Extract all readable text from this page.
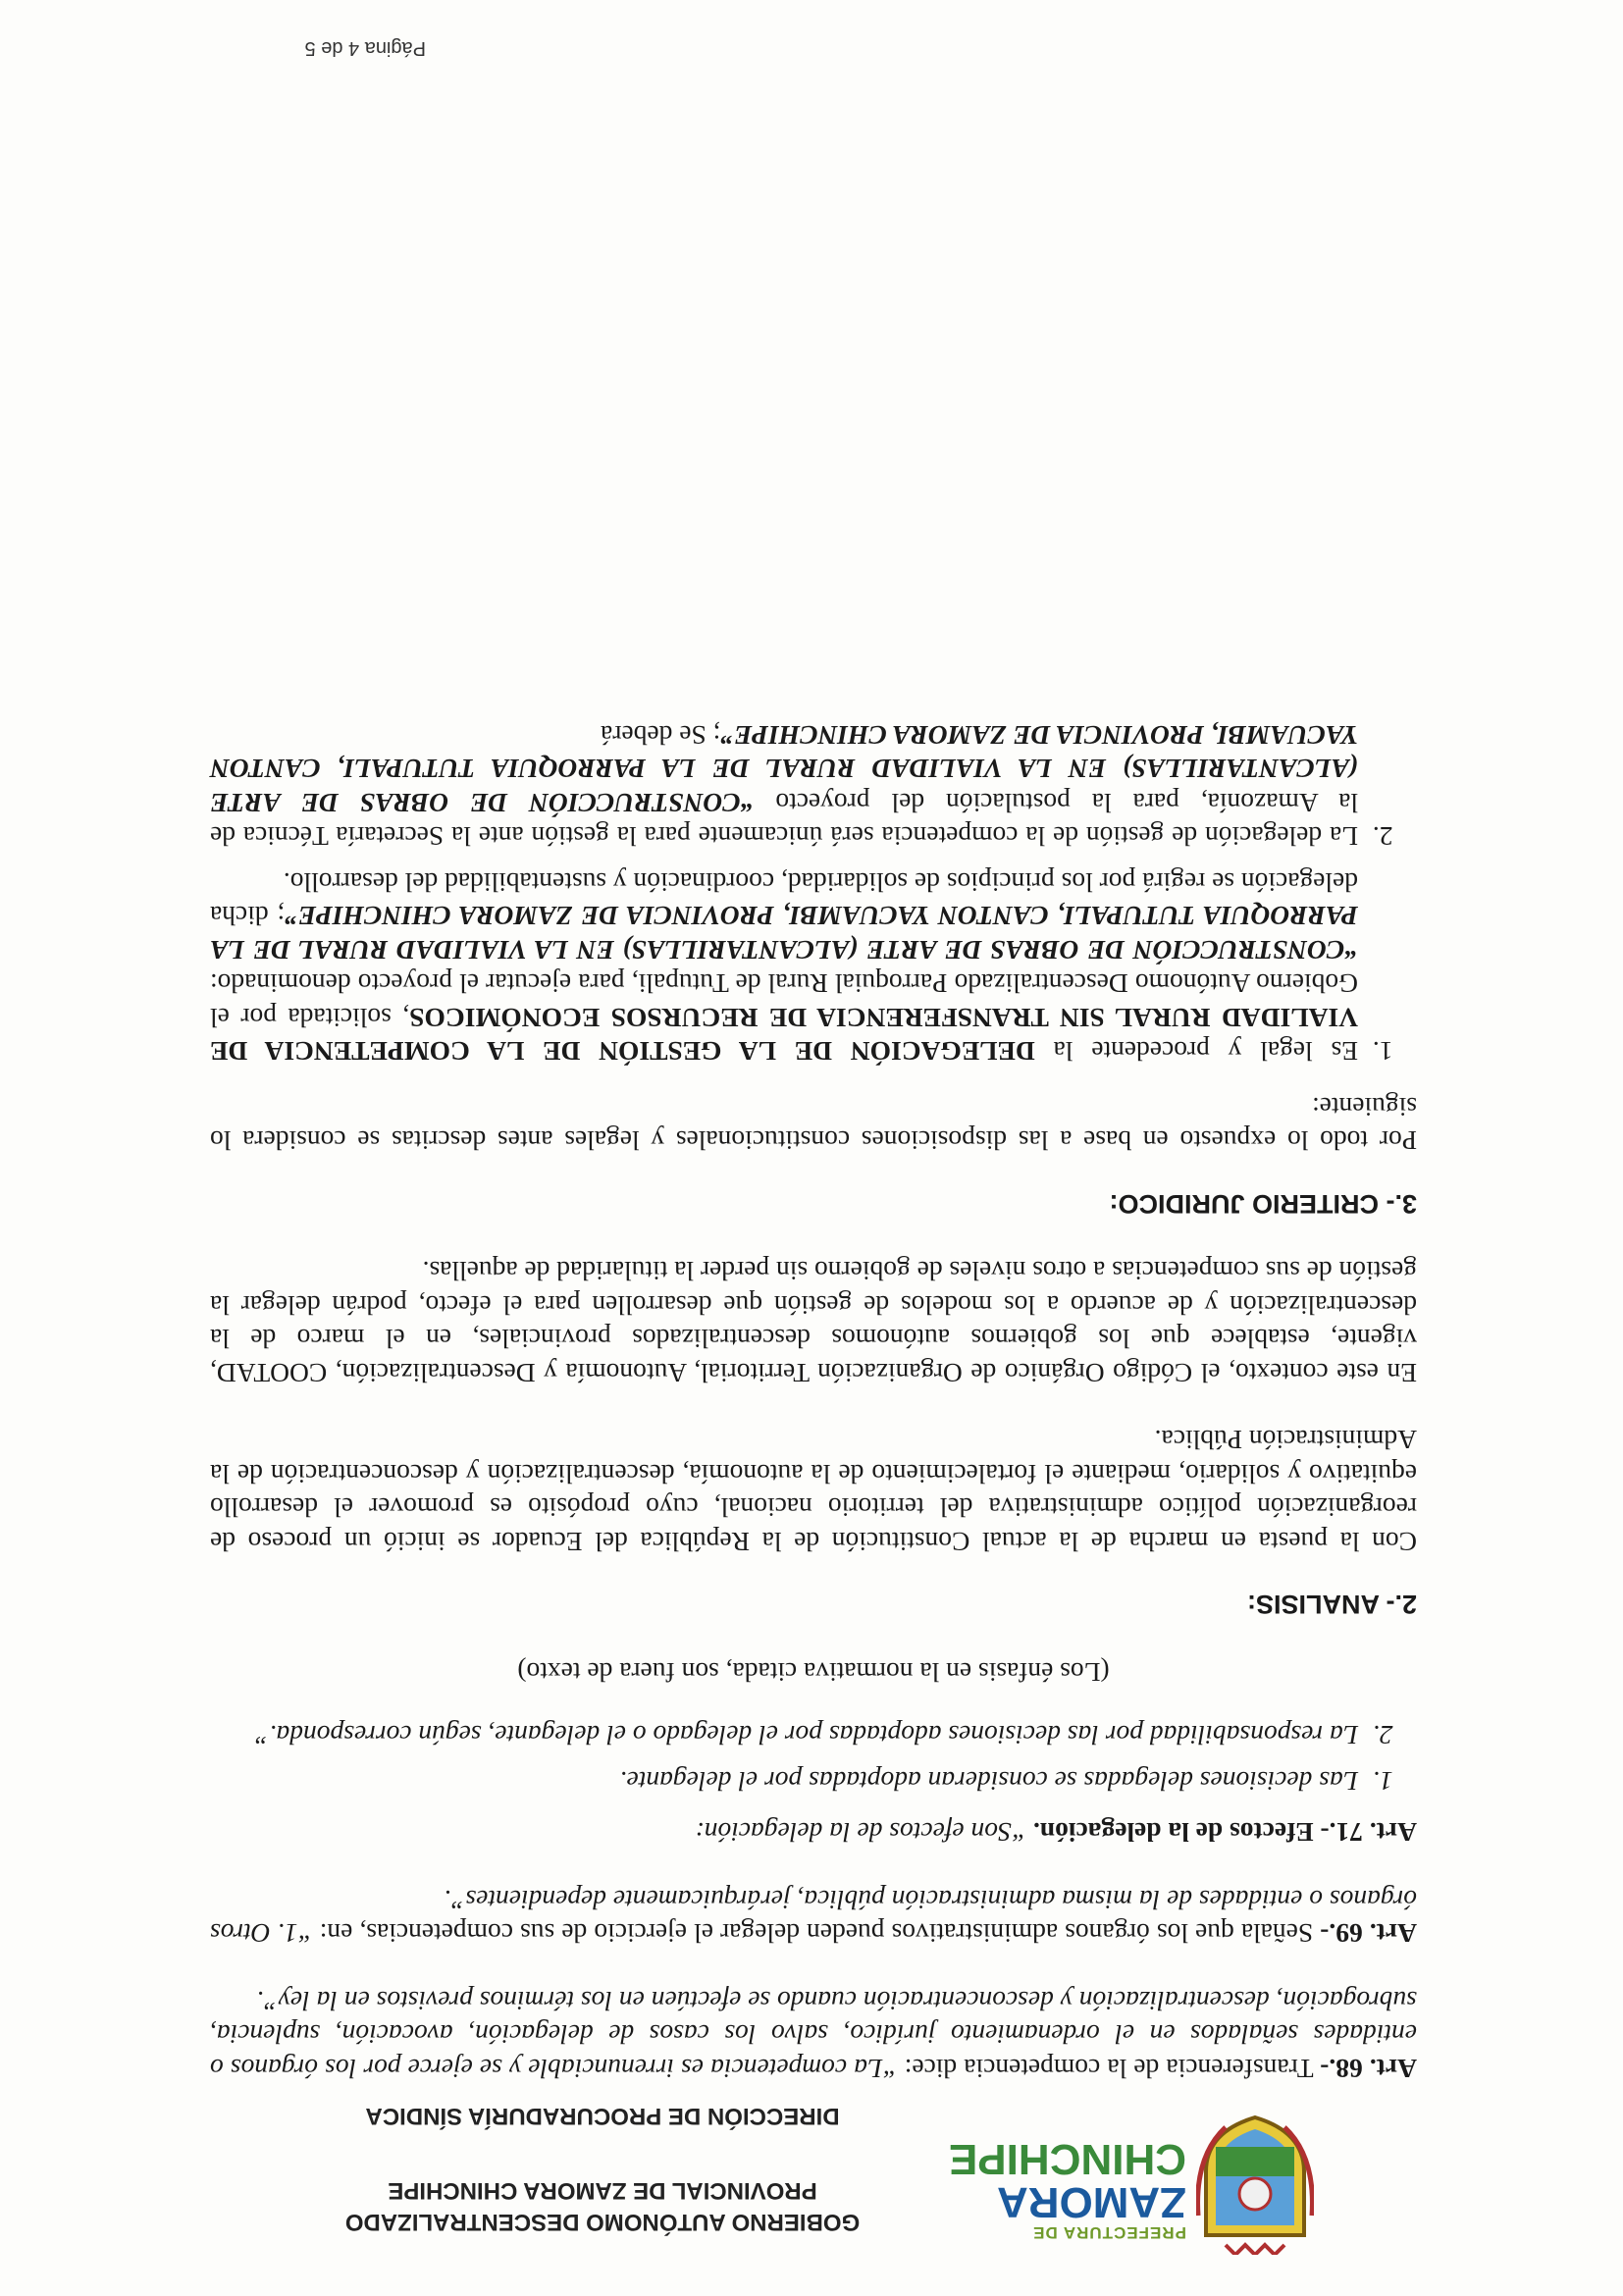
PREFECTURA DE
ZAMORA
CHINCHIPE
GOBIERNO AUTÓNOMO DESCENTRALIZADO
PROVINCIAL DE ZAMORA CHINCHIPE
DIRECCIÓN DE PROCURADURÍA SÍNDICA

Art. 68.- Transferencia de la competencia dice: “La competencia es irrenunciable y se ejerce por los órganos o entidades señalados en el ordenamiento jurídico, salvo los casos de delegación, avocación, suplencia, subrogación, descentralización y desconcentración cuando se efectúen en los términos previstos en la ley”.

Art. 69.- Señala que los órganos administrativos pueden delegar el ejercicio de sus competencias, en: “1. Otros órganos o entidades de la misma administración pública, jerárquicamente dependientes”.

Art. 71.- Efectos de la delegación. “Son efectos de la delegación:

1. Las decisiones delegadas se consideran adoptadas por el delegante.
2. La responsabilidad por las decisiones adoptadas por el delegado o el delegante, según corresponda.”

(Los énfasis en la normativa citada, son fuera de texto)

2.- ANALISIS:

Con la puesta en marcha de la actual Constitución de la República del Ecuador se inició un proceso de reorganización político administrativa del territorio nacional, cuyo propósito es promover el desarrollo equitativo y solidario, mediante el fortalecimiento de la autonomía, descentralización y desconcentración de la Administración Pública.

En este contexto, el Código Orgánico de Organización Territorial, Autonomía y Descentralización, COOTAD, vigente, establece que los gobiernos autónomos descentralizados provinciales, en el marco de la descentralización y de acuerdo a los modelos de gestión que desarrollen para el efecto, podrán delegar la gestión de sus competencias a otros niveles de gobierno sin perder la titularidad de aquellas.

3.- CRITERIO JURIDICO:

Por todo lo expuesto en base a las disposiciones constitucionales y legales antes descritas se considera lo siguiente:

1. Es legal y procedente la DELEGACIÓN DE LA GESTIÓN DE LA COMPETENCIA DE VIALIDAD RURAL SIN TRANSFERENCIA DE RECURSOS ECONÓMICOS, solicitada por el Gobierno Autónomo Descentralizado Parroquial Rural de Tutupali, para ejecutar el proyecto denominado: “CONSTRUCCIÓN DE OBRAS DE ARTE (ALCANTARILLAS) EN LA VIALIDAD RURAL DE LA PARROQUIA TUTUPALI, CANTON YACUAMBI, PROVINCIA DE ZAMORA CHINCHIPE”; dicha delegación se regirá por los principios de solidaridad, coordinación y sustentabilidad del desarrollo.
2. La delegación de gestión de la competencia será únicamente para la gestión ante la Secretaría Técnica de la Amazonía, para la postulación del proyecto “CONSTRUCCIÓN DE OBRAS DE ARTE (ALCANTARILLAS) EN LA VIALIDAD RURAL DE LA PARROQUIA TUTUPALI, CANTON YACUAMBI, PROVINCIA DE ZAMORA CHINCHIPE”; Se deberá
Página 4 de 5
